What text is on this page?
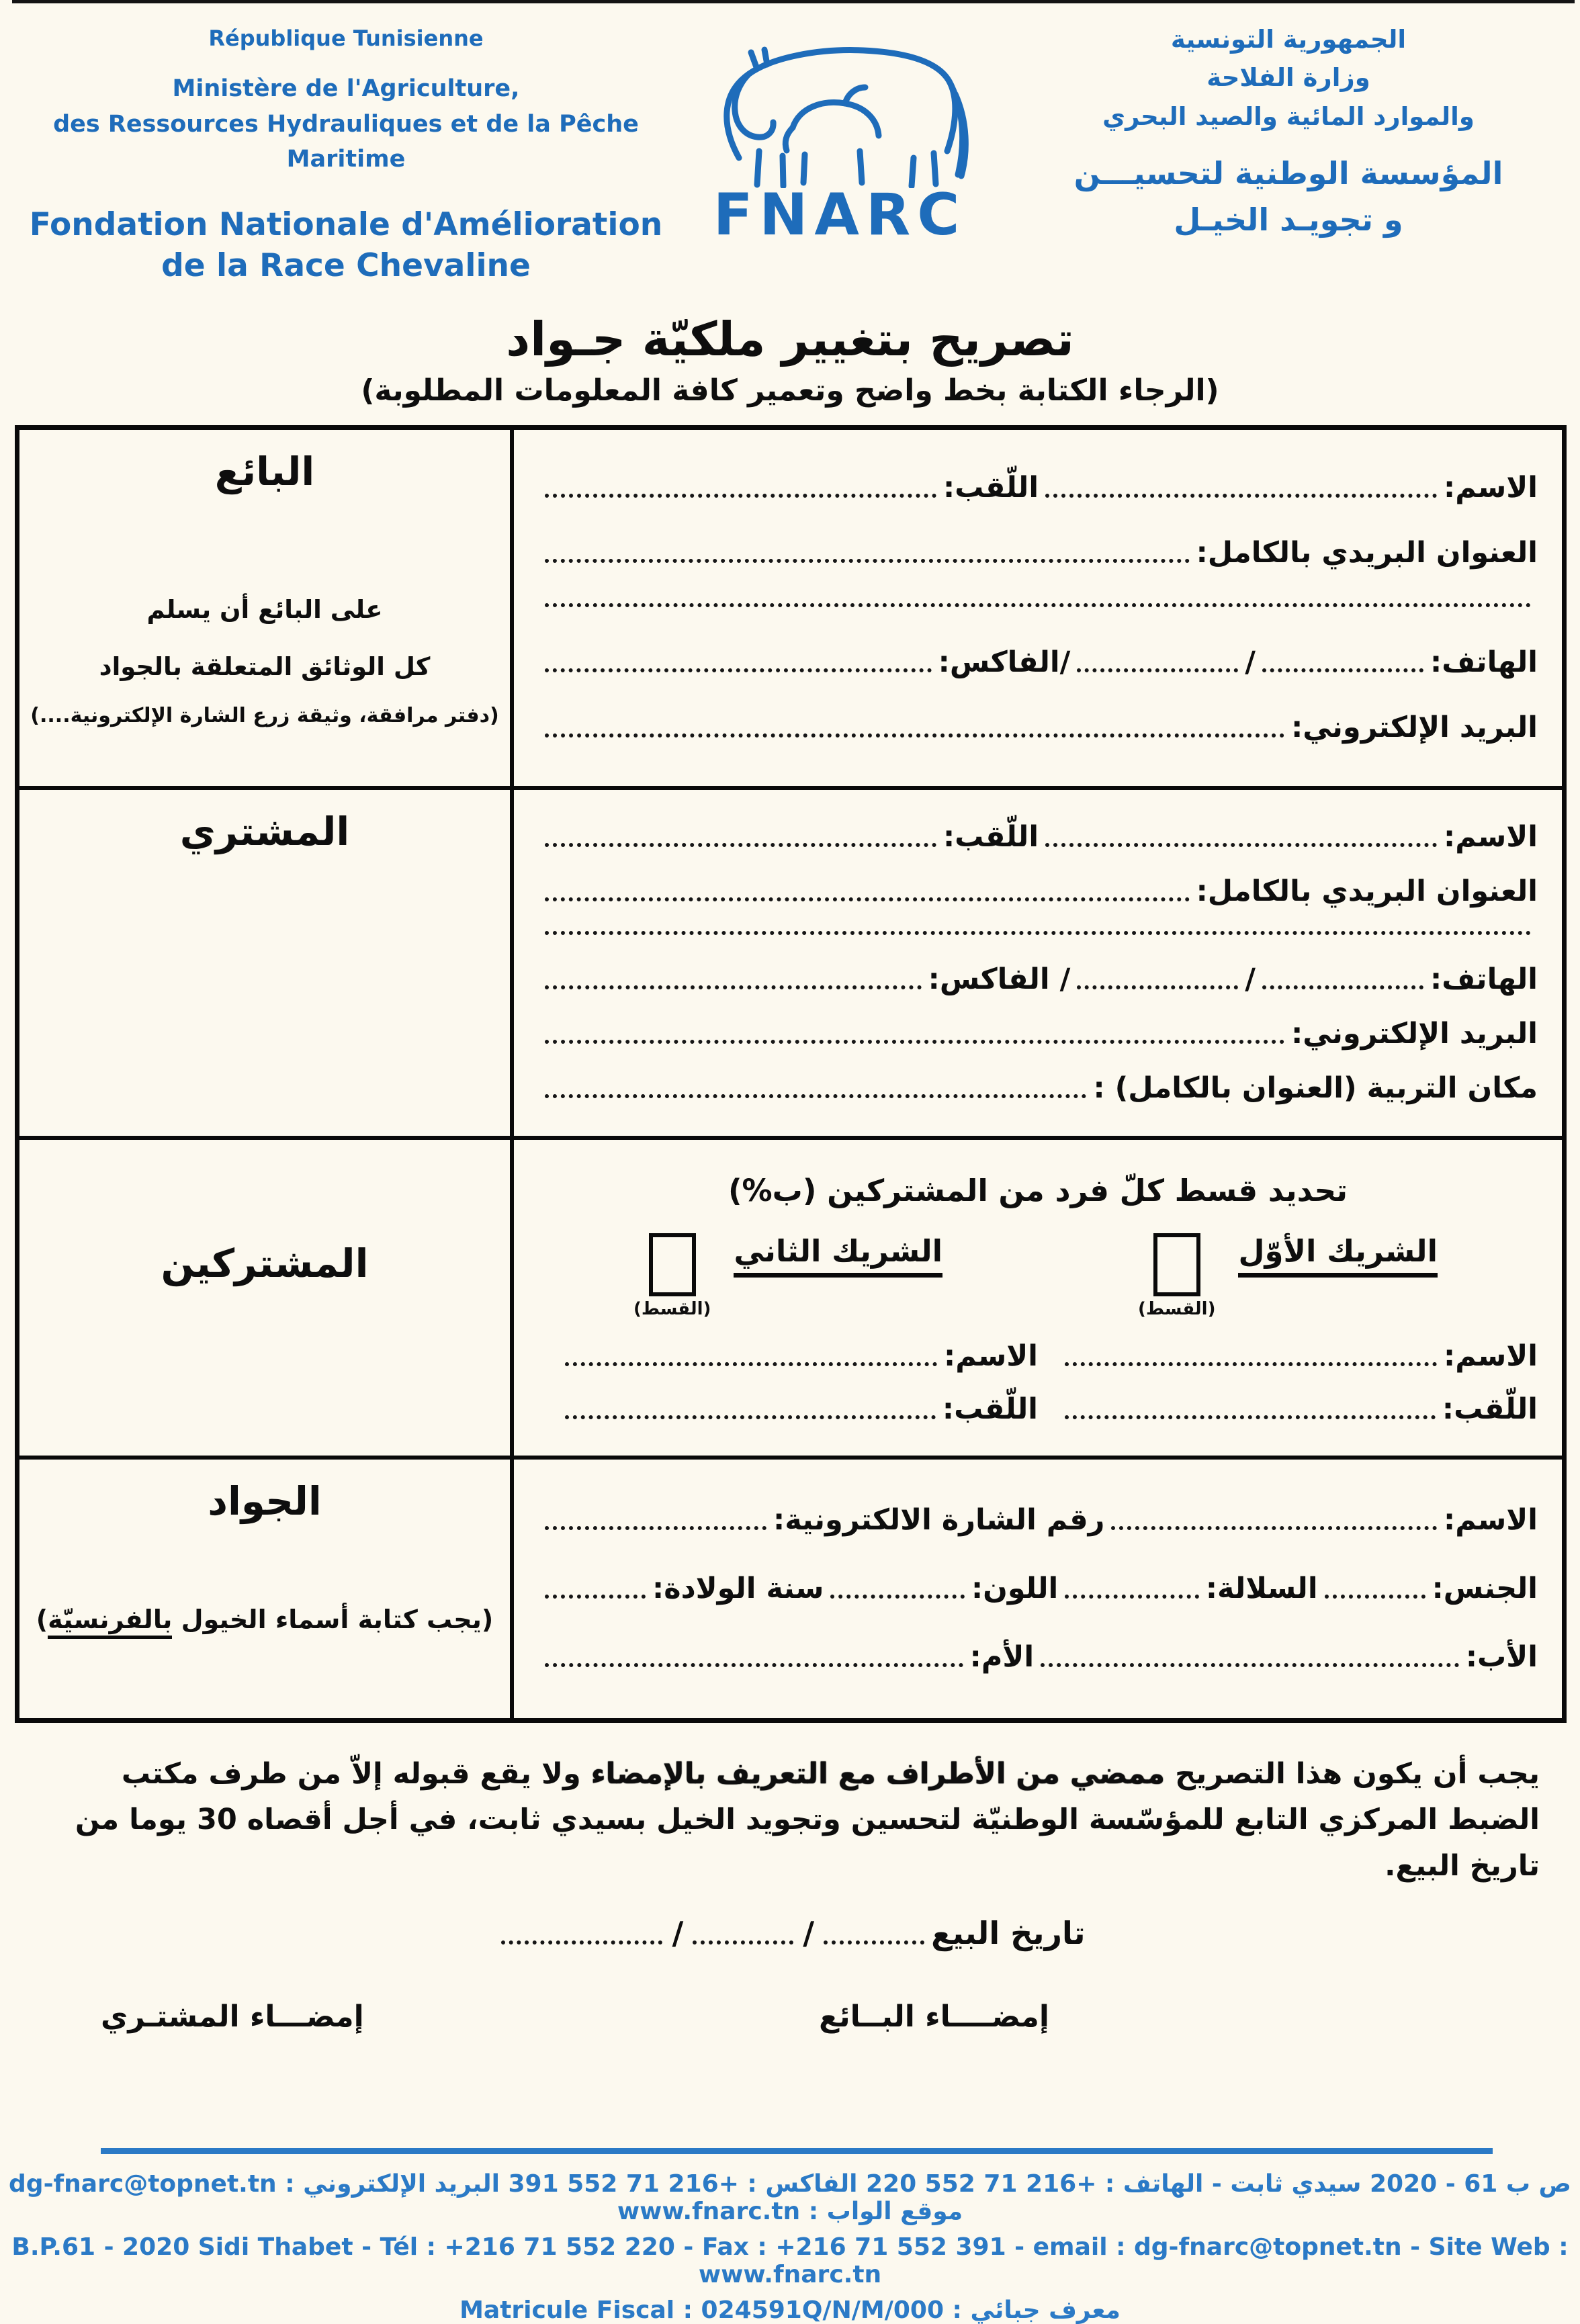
République Tunisienne
Ministère de l'Agriculture,
des Ressources Hydrauliques et de la Pêche Maritime
Fondation Nationale d'Amélioration
de la Race Chevaline
FNARC
الجمهورية التونسية
وزارة الفلاحة
والموارد المائية والصيد البحري
المؤسسة الوطنية لتحسيـــن
و تجويـد الخيـل
تصريح بتغيير ملكيّة جـواد
(الرجاء الكتابة بخط واضح وتعمير كافة المعلومات المطلوبة)
البائع
على البائع أن يسلم
كل الوثائق المتعلقة بالجواد
(دفتر مرافقة، وثيقة زرع الشارة الإلكترونية....)
الاسم:
اللّقب:
العنوان البريدي بالكامل:
الهاتف:
/
/الفاكس:
البريد الإلكتروني:
المشتري	الاسم:
اللّقب:
العنوان البريدي بالكامل:
الهاتف:
/
/ الفاكس:
البريد الإلكتروني:
مكان التربية (العنوان بالكامل) :
المشتركين
تحديد قسط كلّ فرد من المشتركين (ب%)
الشريك الأوّل
(القسط)
الشريك الثاني
(القسط)
الاسم:
الاسم:
اللّقب:
اللّقب:
الجواد
(يجب كتابة أسماء الخيول بالفرنسيّة)
الاسم:
رقم الشارة الالكترونية:
الجنس:
السلالة:
اللون:
سنة الولادة:
الأب:
الأم:
يجب أن يكون هذا التصريح ممضي من الأطراف مع التعريف بالإمضاء ولا يقع قبوله إلاّ من طرف مكتب الضبط المركزي التابع للمؤسّسة الوطنيّة لتحسين وتجويد الخيل بسيدي ثابت، في أجل أقصاه 30 يوما من تاريخ البيع.
تاريخ البيع
/
/
إمضــــاء البــائع
إمضـــاء المشتـري
ص ب 61 - 2020 سيدي ثابت - الهاتف : +216 71 552 220 الفاكس : +216 71 552 391 البريد الإلكتروني : dg-fnarc@topnet.tn موقع الواب : www.fnarc.tn
B.P.61 - 2020 Sidi Thabet - Tél : +216 71 552 220 - Fax : +216 71 552 391 - email : dg-fnarc@topnet.tn - Site Web : www.fnarc.tn
Matricule Fiscal : 024591Q/N/M/000 : معرف جبائي
